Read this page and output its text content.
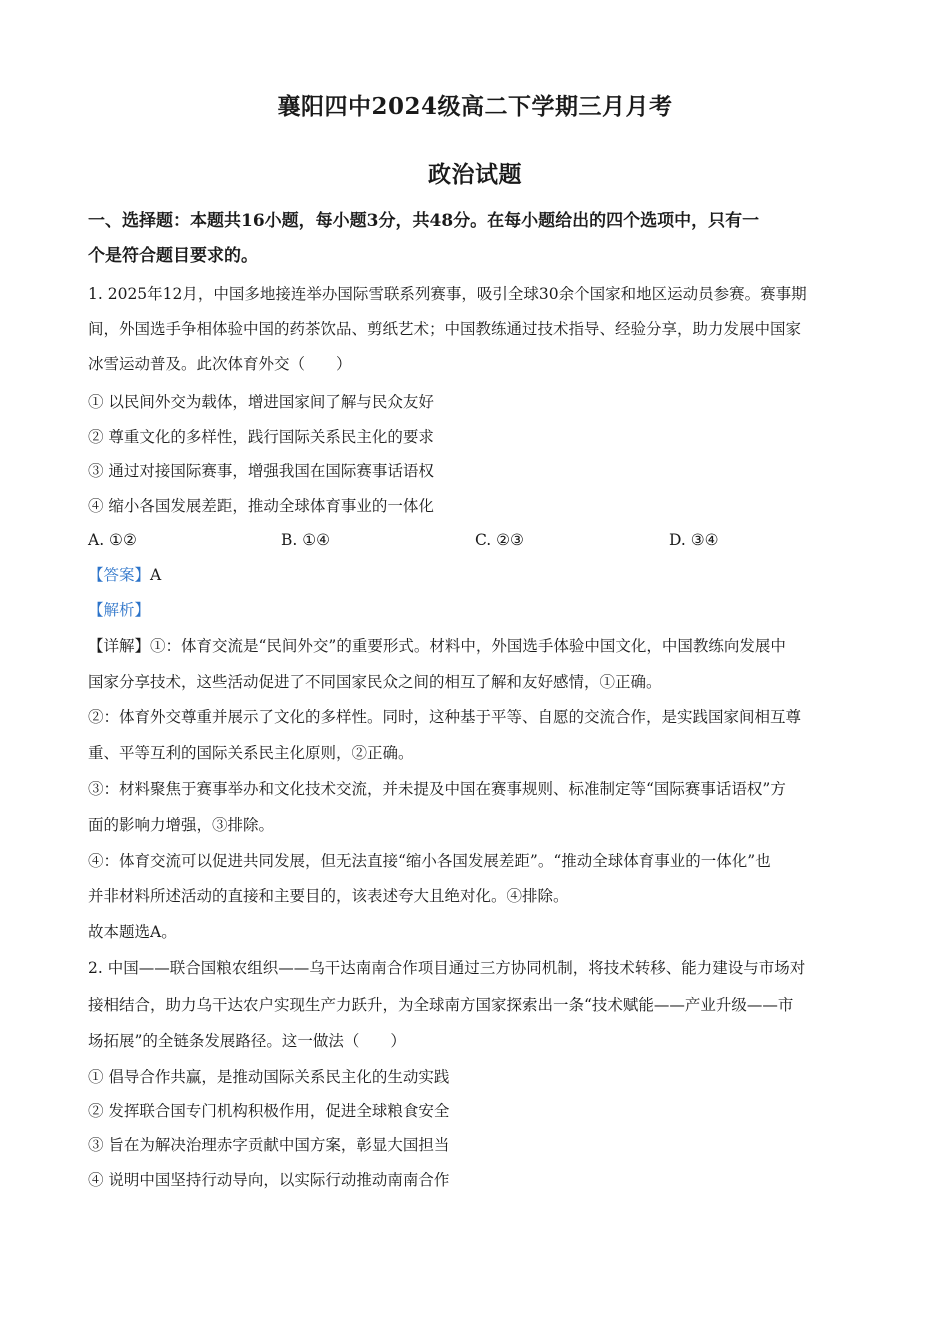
襄阳四中2024级高二下学期三月月考
政治试题
一、选择题：本题共16小题，每小题3分，共48分。在每小题给出的四个选项中，只有一
个是符合题目要求的。
1. 2025年12月，中国多地接连举办国际雪联系列赛事，吸引全球30余个国家和地区运动员参赛。赛事期
间，外国选手争相体验中国的药茶饮品、剪纸艺术；中国教练通过技术指导、经验分享，助力发展中国家
冰雪运动普及。此次体育外交（　　）
① 以民间外交为载体，增进国家间了解与民众友好
② 尊重文化的多样性，践行国际关系民主化的要求
③ 通过对接国际赛事，增强我国在国际赛事话语权
④ 缩小各国发展差距，推动全球体育事业的一体化
A. ①②	B. ①④	C. ②③	D. ③④
【答案】A
【解析】
【详解】①：体育交流是“民间外交”的重要形式。材料中，外国选手体验中国文化，中国教练向发展中
国家分享技术，这些活动促进了不同国家民众之间的相互了解和友好感情，①正确。
②：体育外交尊重并展示了文化的多样性。同时，这种基于平等、自愿的交流合作，是实践国家间相互尊
重、平等互利的国际关系民主化原则，②正确。
③：材料聚焦于赛事举办和文化技术交流，并未提及中国在赛事规则、标准制定等“国际赛事话语权”方
面的影响力增强，③排除。
④：体育交流可以促进共同发展，但无法直接“缩小各国发展差距”。“推动全球体育事业的一体化”也
并非材料所述活动的直接和主要目的，该表述夸大且绝对化。④排除。
故本题选A。
2. 中国——联合国粮农组织——乌干达南南合作项目通过三方协同机制，将技术转移、能力建设与市场对
接相结合，助力乌干达农户实现生产力跃升，为全球南方国家探索出一条“技术赋能——产业升级——市
场拓展”的全链条发展路径。这一做法（　　）
① 倡导合作共赢，是推动国际关系民主化的生动实践
② 发挥联合国专门机构积极作用，促进全球粮食安全
③ 旨在为解决治理赤字贡献中国方案，彰显大国担当
④ 说明中国坚持行动导向，以实际行动推动南南合作
